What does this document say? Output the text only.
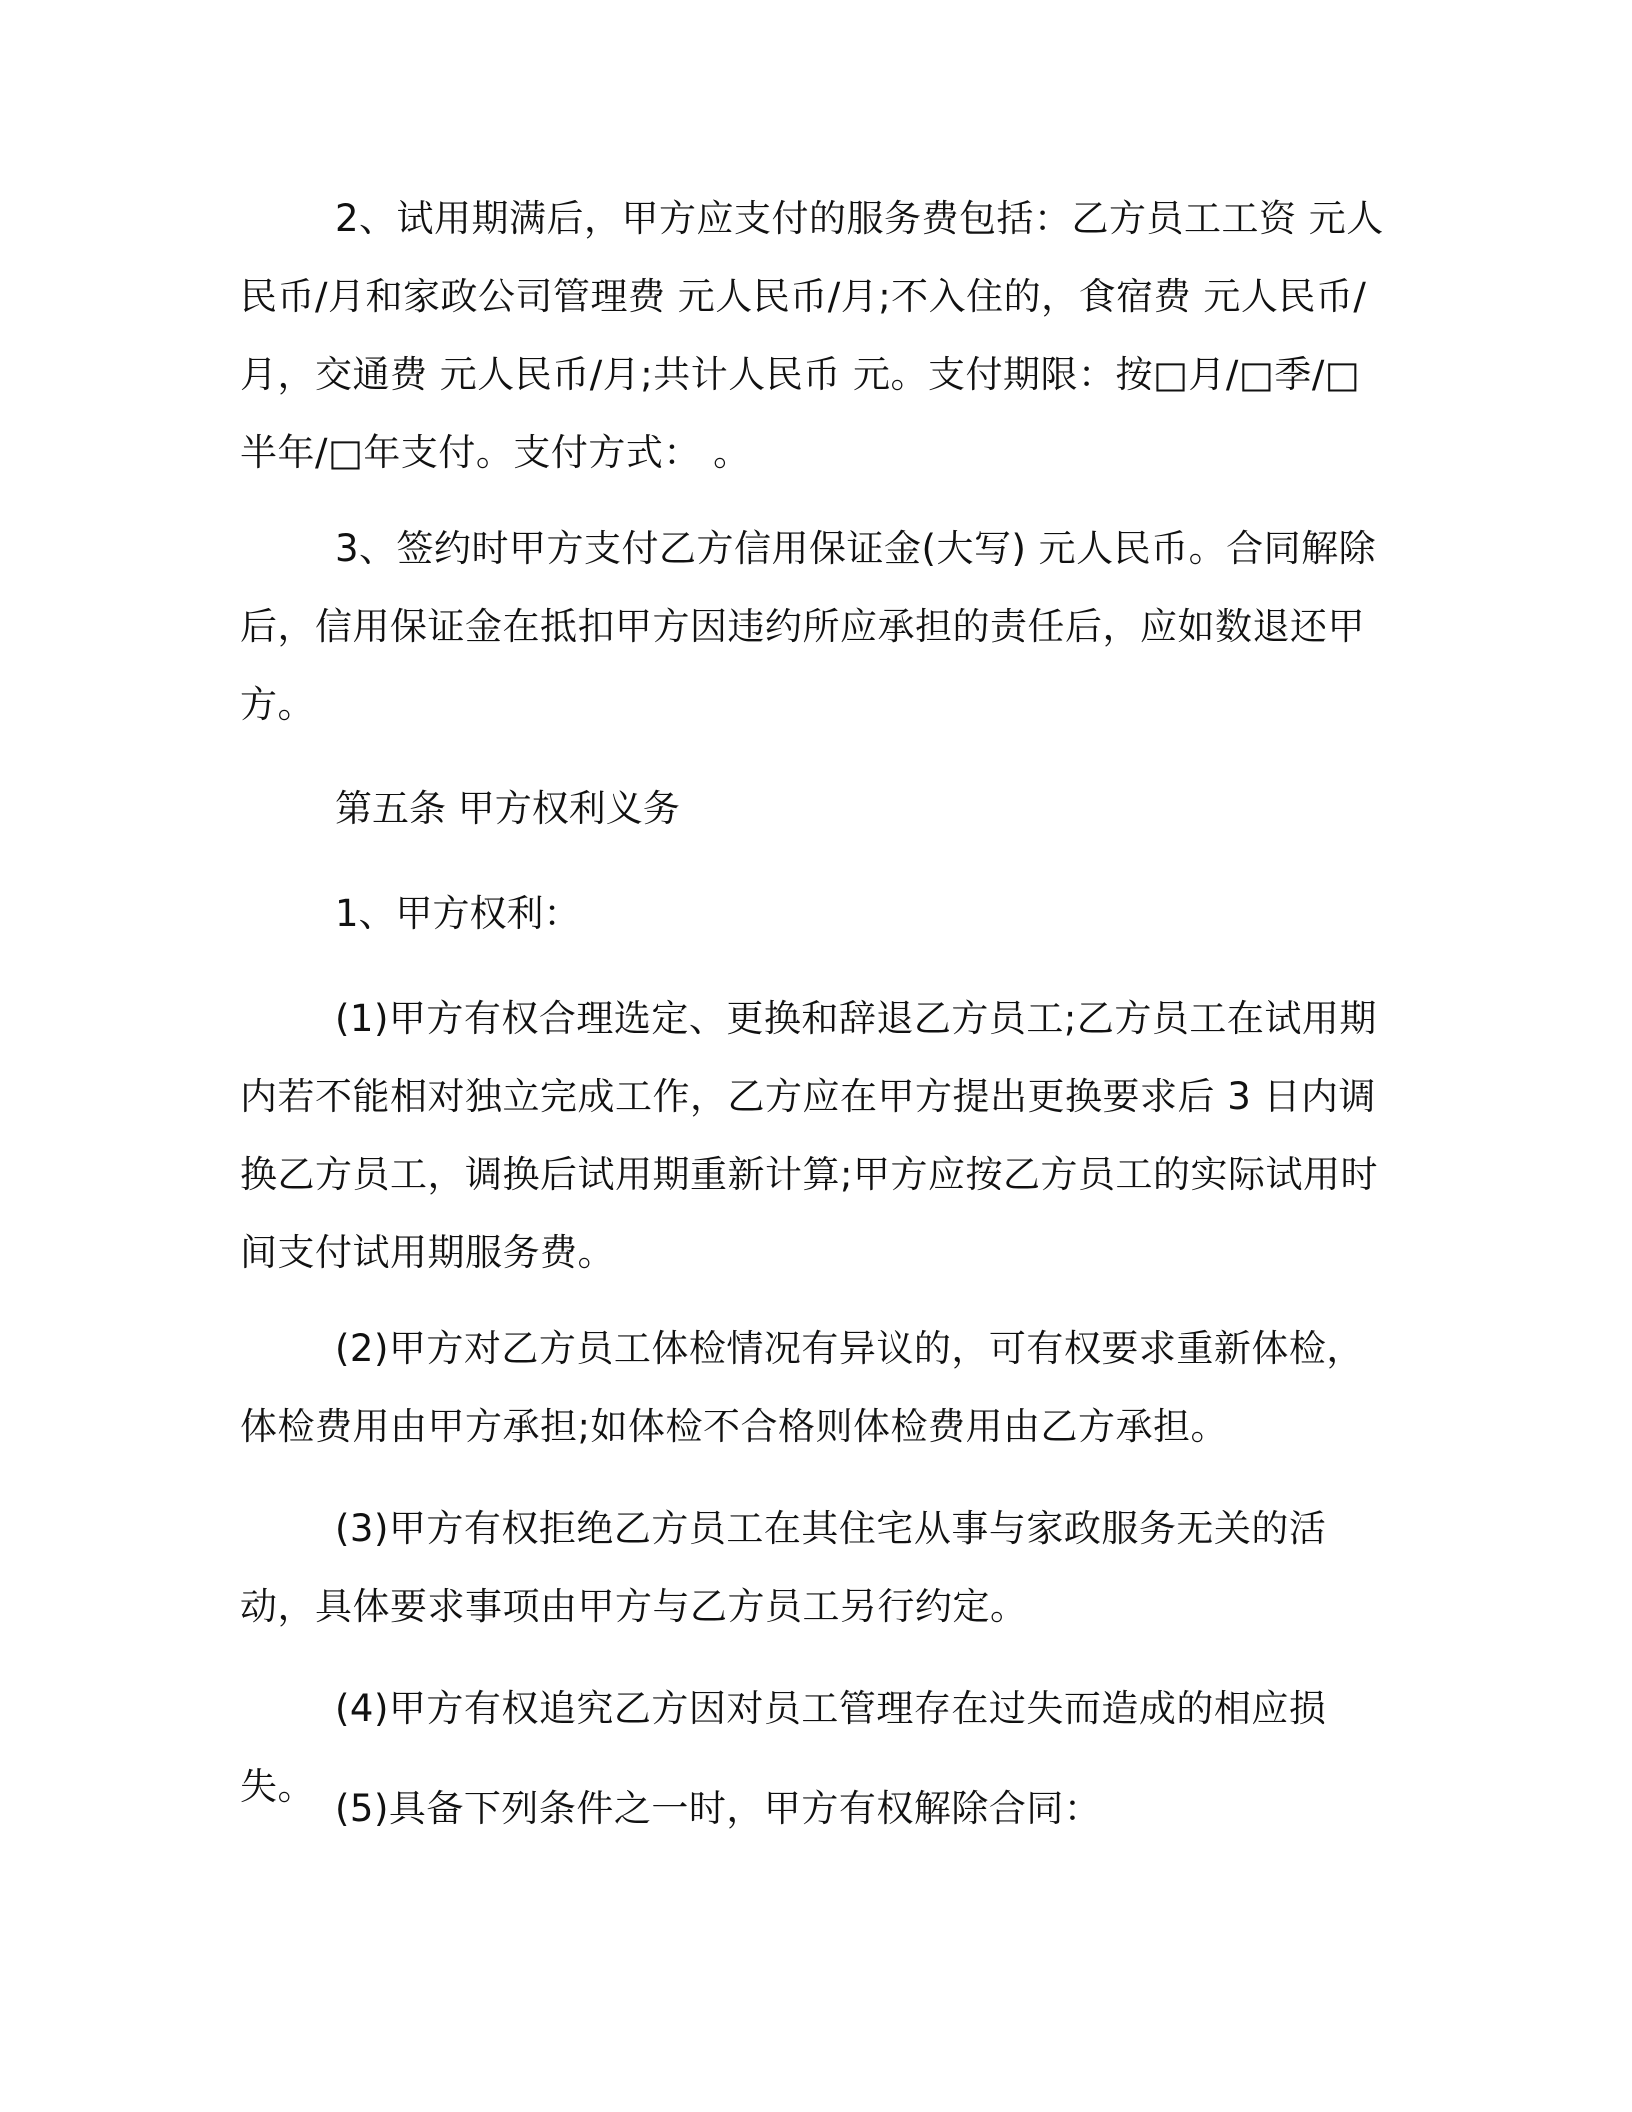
2、试用期满后，甲方应支付的服务费包括：乙方员工工资 元人民币/月和家政公司管理费 元人民币/月;不入住的，食宿费 元人民币/月，交通费 元人民币/月;共计人民币 元。支付期限：按□月/□季/□半年/□年支付。支付方式： 。

3、签约时甲方支付乙方信用保证金(大写) 元人民币。合同解除后，信用保证金在抵扣甲方因违约所应承担的责任后，应如数退还甲方。

第五条 甲方权利义务

1、甲方权利：

(1)甲方有权合理选定、更换和辞退乙方员工;乙方员工在试用期内若不能相对独立完成工作，乙方应在甲方提出更换要求后 3 日内调换乙方员工，调换后试用期重新计算;甲方应按乙方员工的实际试用时间支付试用期服务费。

(2)甲方对乙方员工体检情况有异议的，可有权要求重新体检，体检费用由甲方承担;如体检不合格则体检费用由乙方承担。

(3)甲方有权拒绝乙方员工在其住宅从事与家政服务无关的活动，具体要求事项由甲方与乙方员工另行约定。

(4)甲方有权追究乙方因对员工管理存在过失而造成的相应损失。

(5)具备下列条件之一时，甲方有权解除合同：
